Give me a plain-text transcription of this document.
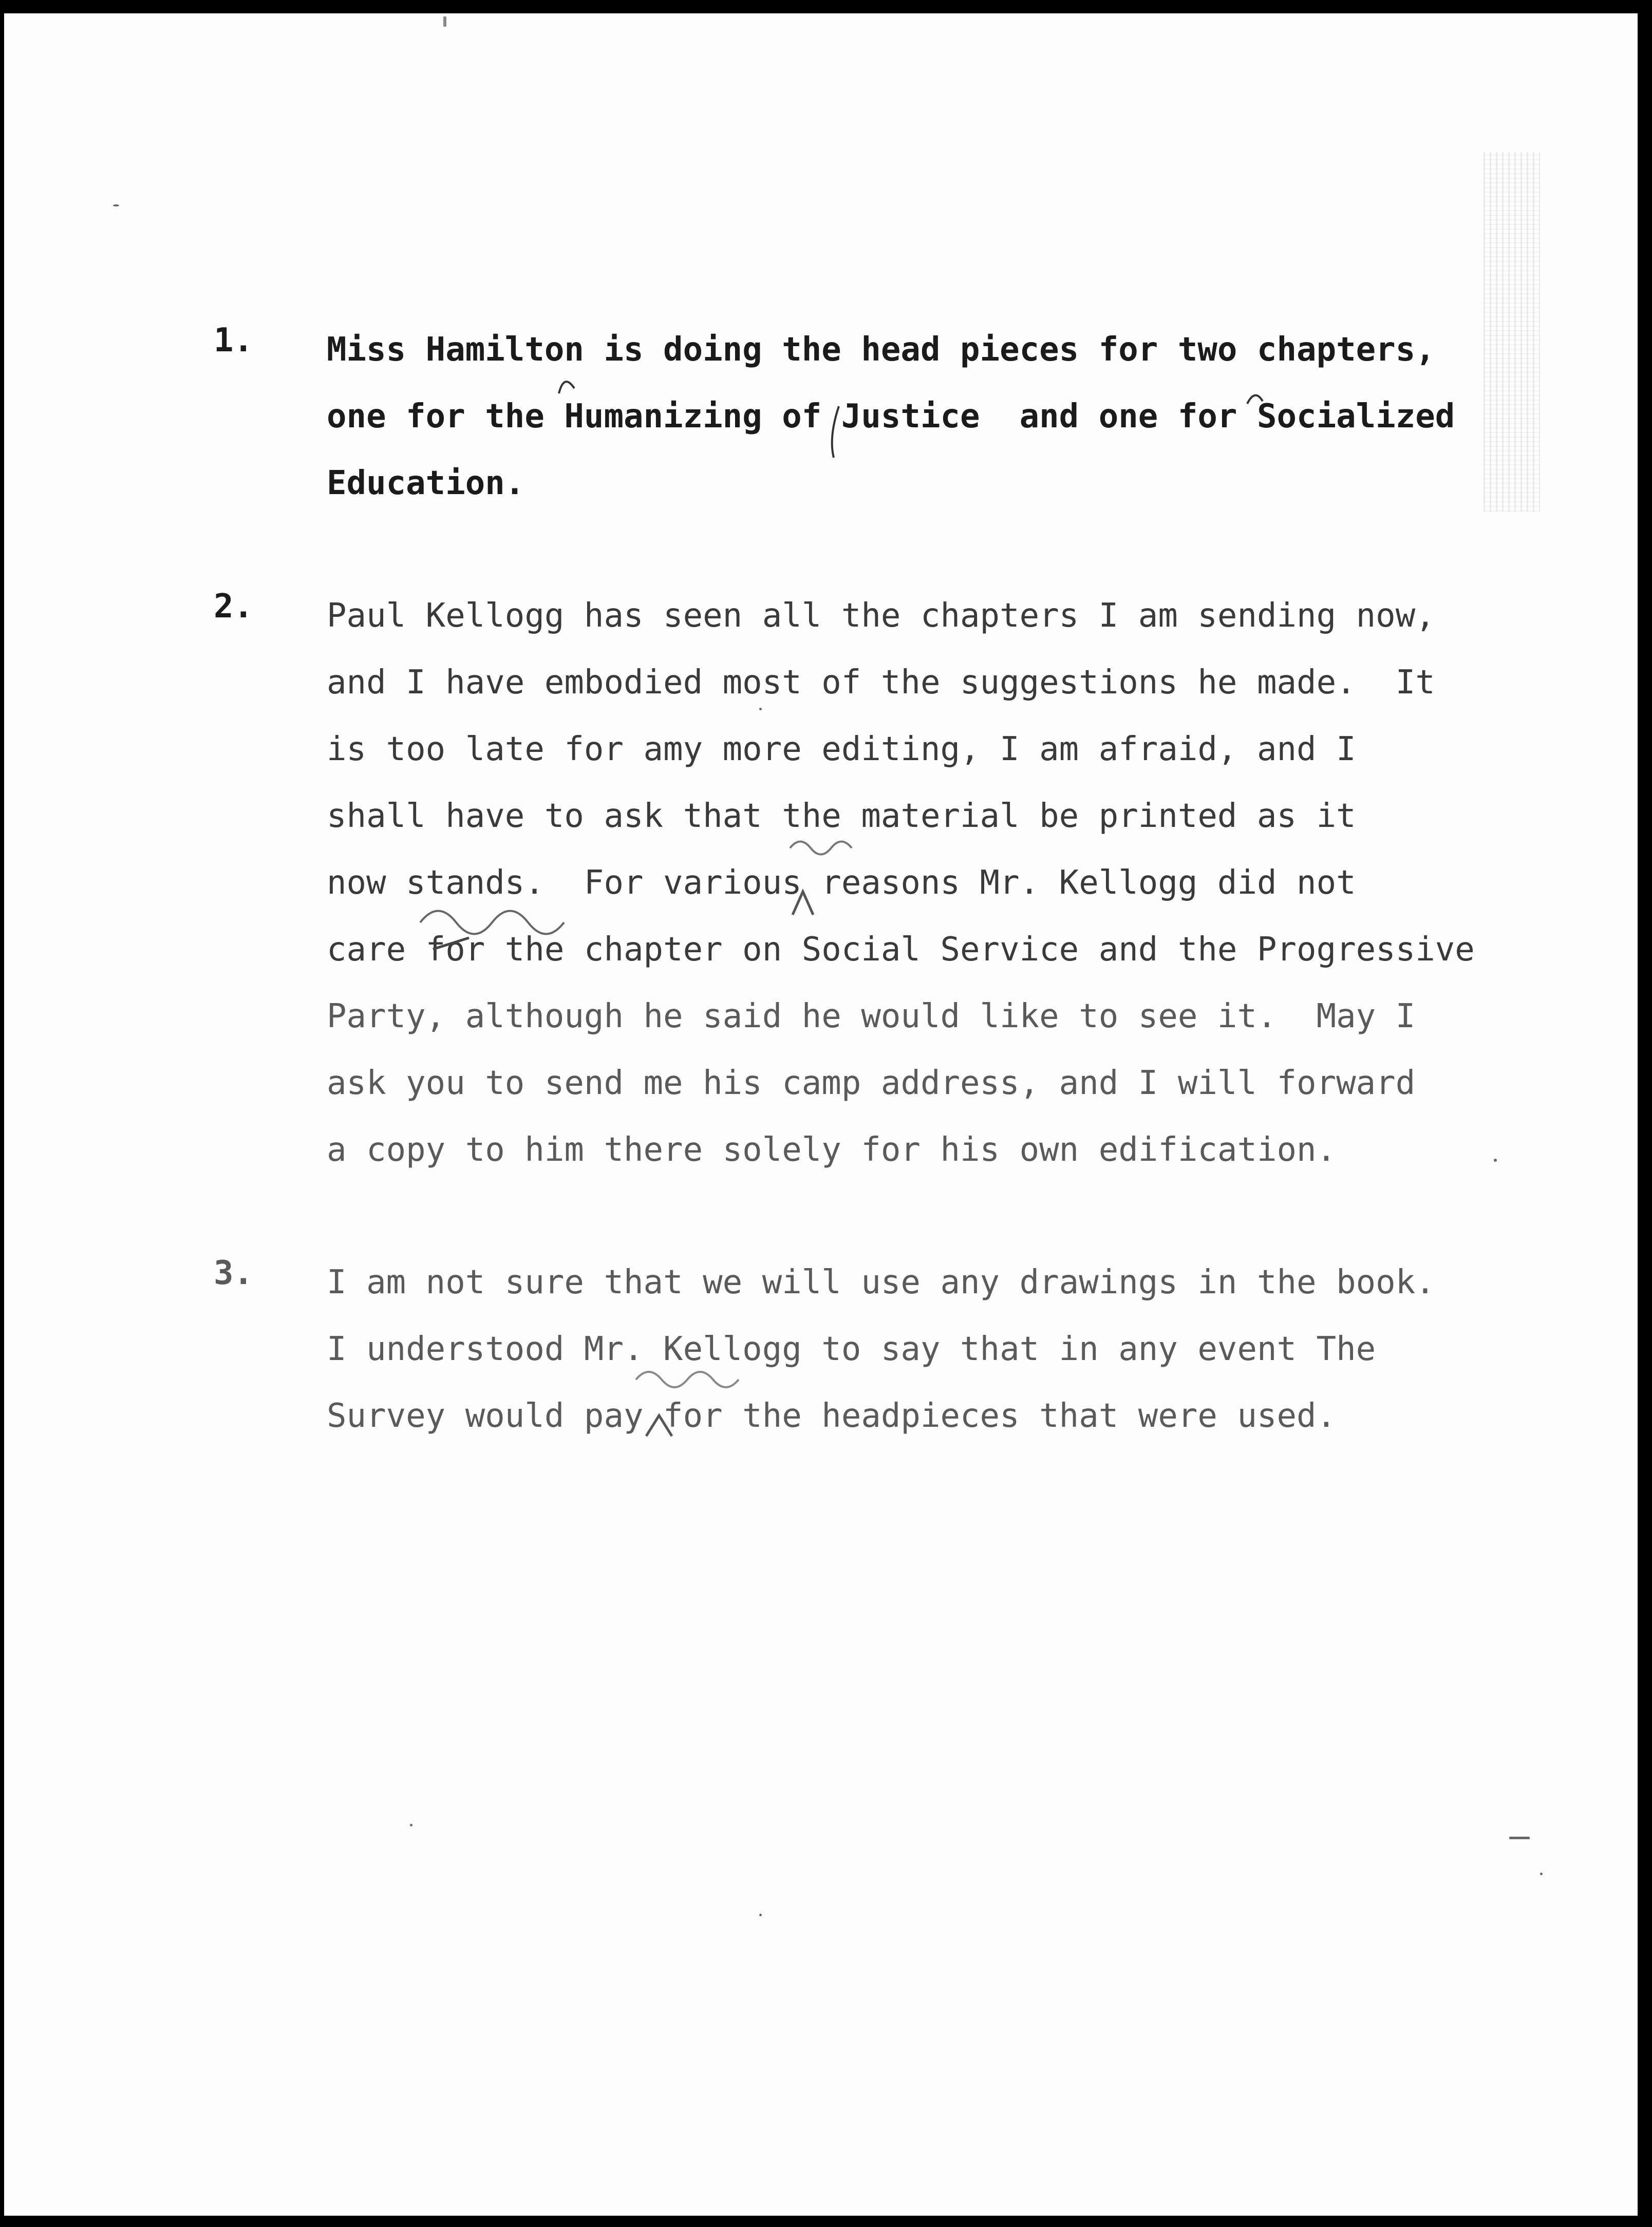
1. Miss Hamilton is doing the head pieces for two chapters,
one for the Humanizing of Justice  and one for Socialized
Education.
2. Paul Kellogg has seen all the chapters I am sending now,
and I have embodied most of the suggestions he made.  It
is too late for amy more editing, I am afraid, and I
shall have to ask that the material be printed as it
now stands.  For various reasons Mr. Kellogg did not
care for the chapter on Social Service and the Progressive
Party, although he said he would like to see it.  May I
ask you to send me his camp address, and I will forward
a copy to him there solely for his own edification.
3. I am not sure that we will use any drawings in the book.
I understood Mr. Kellogg to say that in any event The
Survey would pay for the headpieces that were used.
